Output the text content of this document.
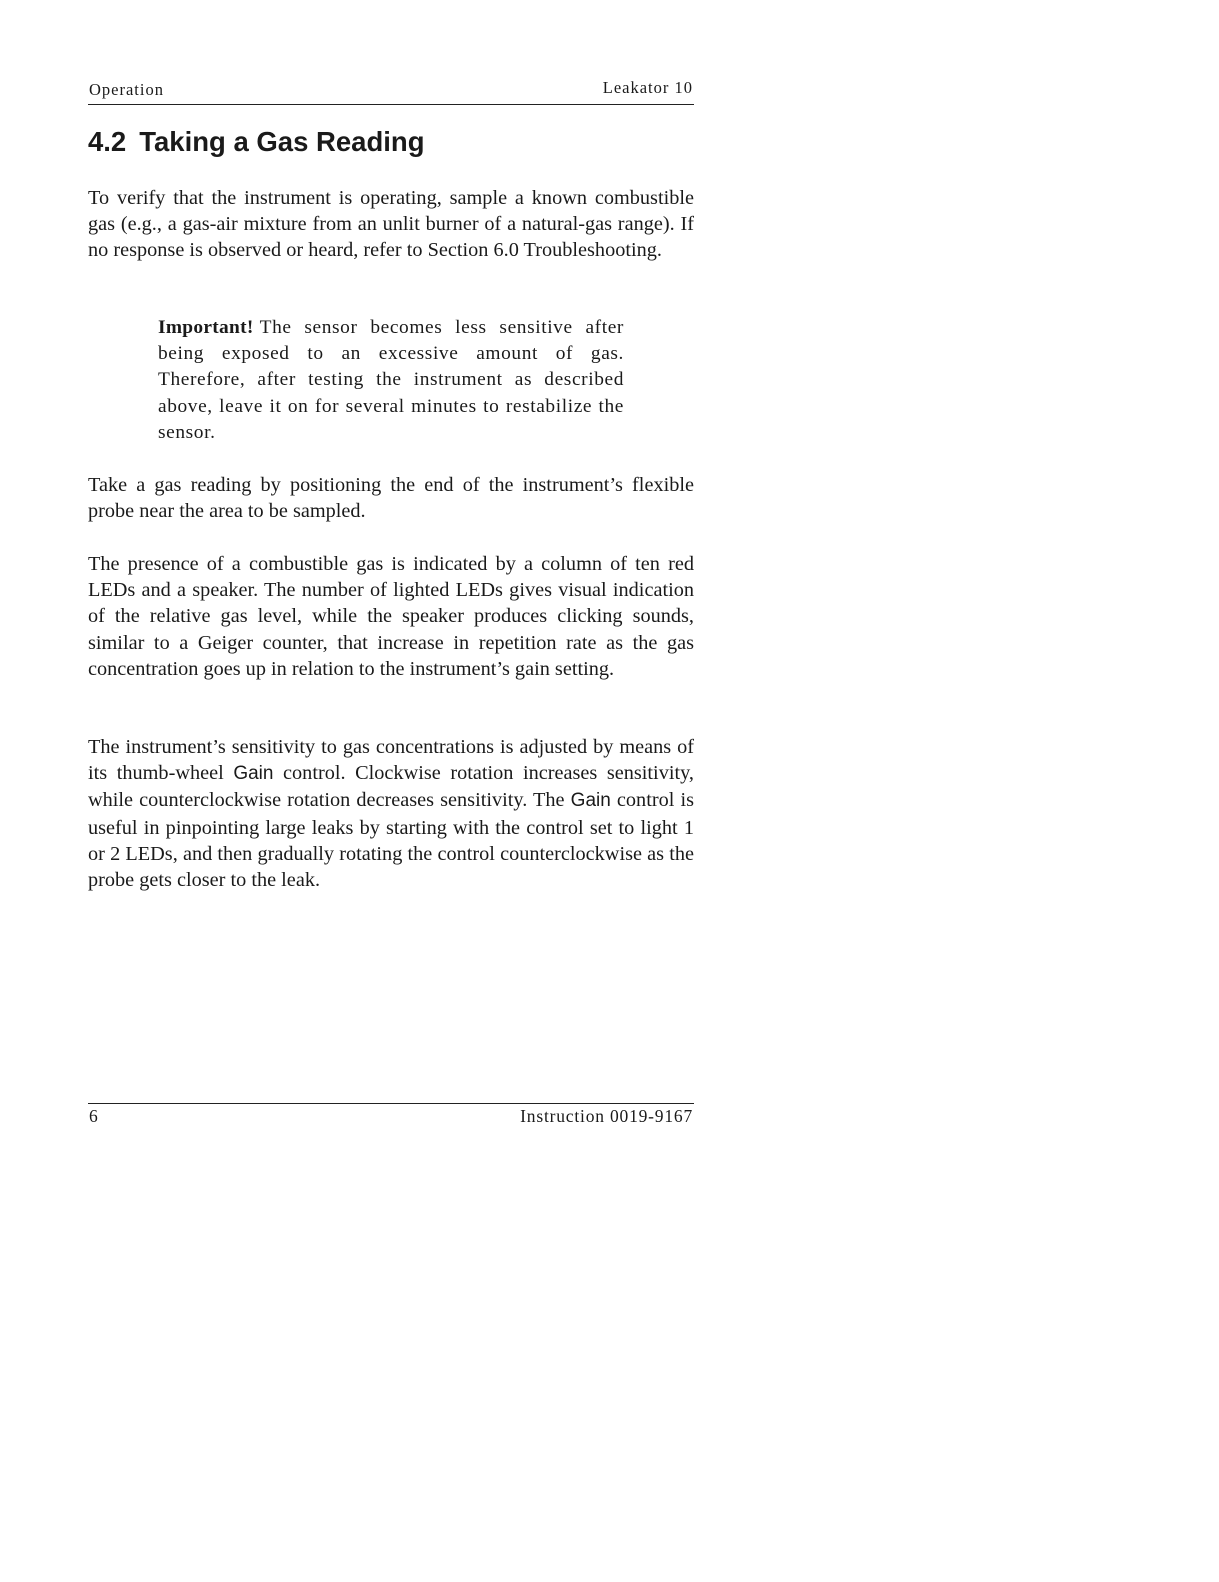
Operation	Leakator 10
4.2 Taking a Gas Reading

To verify that the instrument is operating, sample a known combustible gas (e.g., a gas-air mixture from an unlit burner of a natural-gas range). If no response is observed or heard, refer to Section 6.0 Troubleshooting.

Important! The sensor becomes less sensitive after being exposed to an excessive amount of gas. Therefore, after testing the instrument as described above, leave it on for several minutes to restabilize the sensor.

Take a gas reading by positioning the end of the instrument’s flexible probe near the area to be sampled.

The presence of a combustible gas is indicated by a column of ten red LEDs and a speaker. The number of lighted LEDs gives visual indication of the relative gas level, while the speaker produces clicking sounds, similar to a Geiger counter, that increase in repetition rate as the gas concentration goes up in relation to the instrument’s gain setting.

The instrument’s sensitivity to gas concentrations is adjusted by means of its thumb-wheel Gain control. Clockwise rotation increases sensitivity, while counterclockwise rotation decreases sensitivity. The Gain control is useful in pinpointing large leaks by starting with the control set to light 1 or 2 LEDs, and then gradually rotating the control counterclockwise as the probe gets closer to the leak.

6	Instruction 0019-9167
